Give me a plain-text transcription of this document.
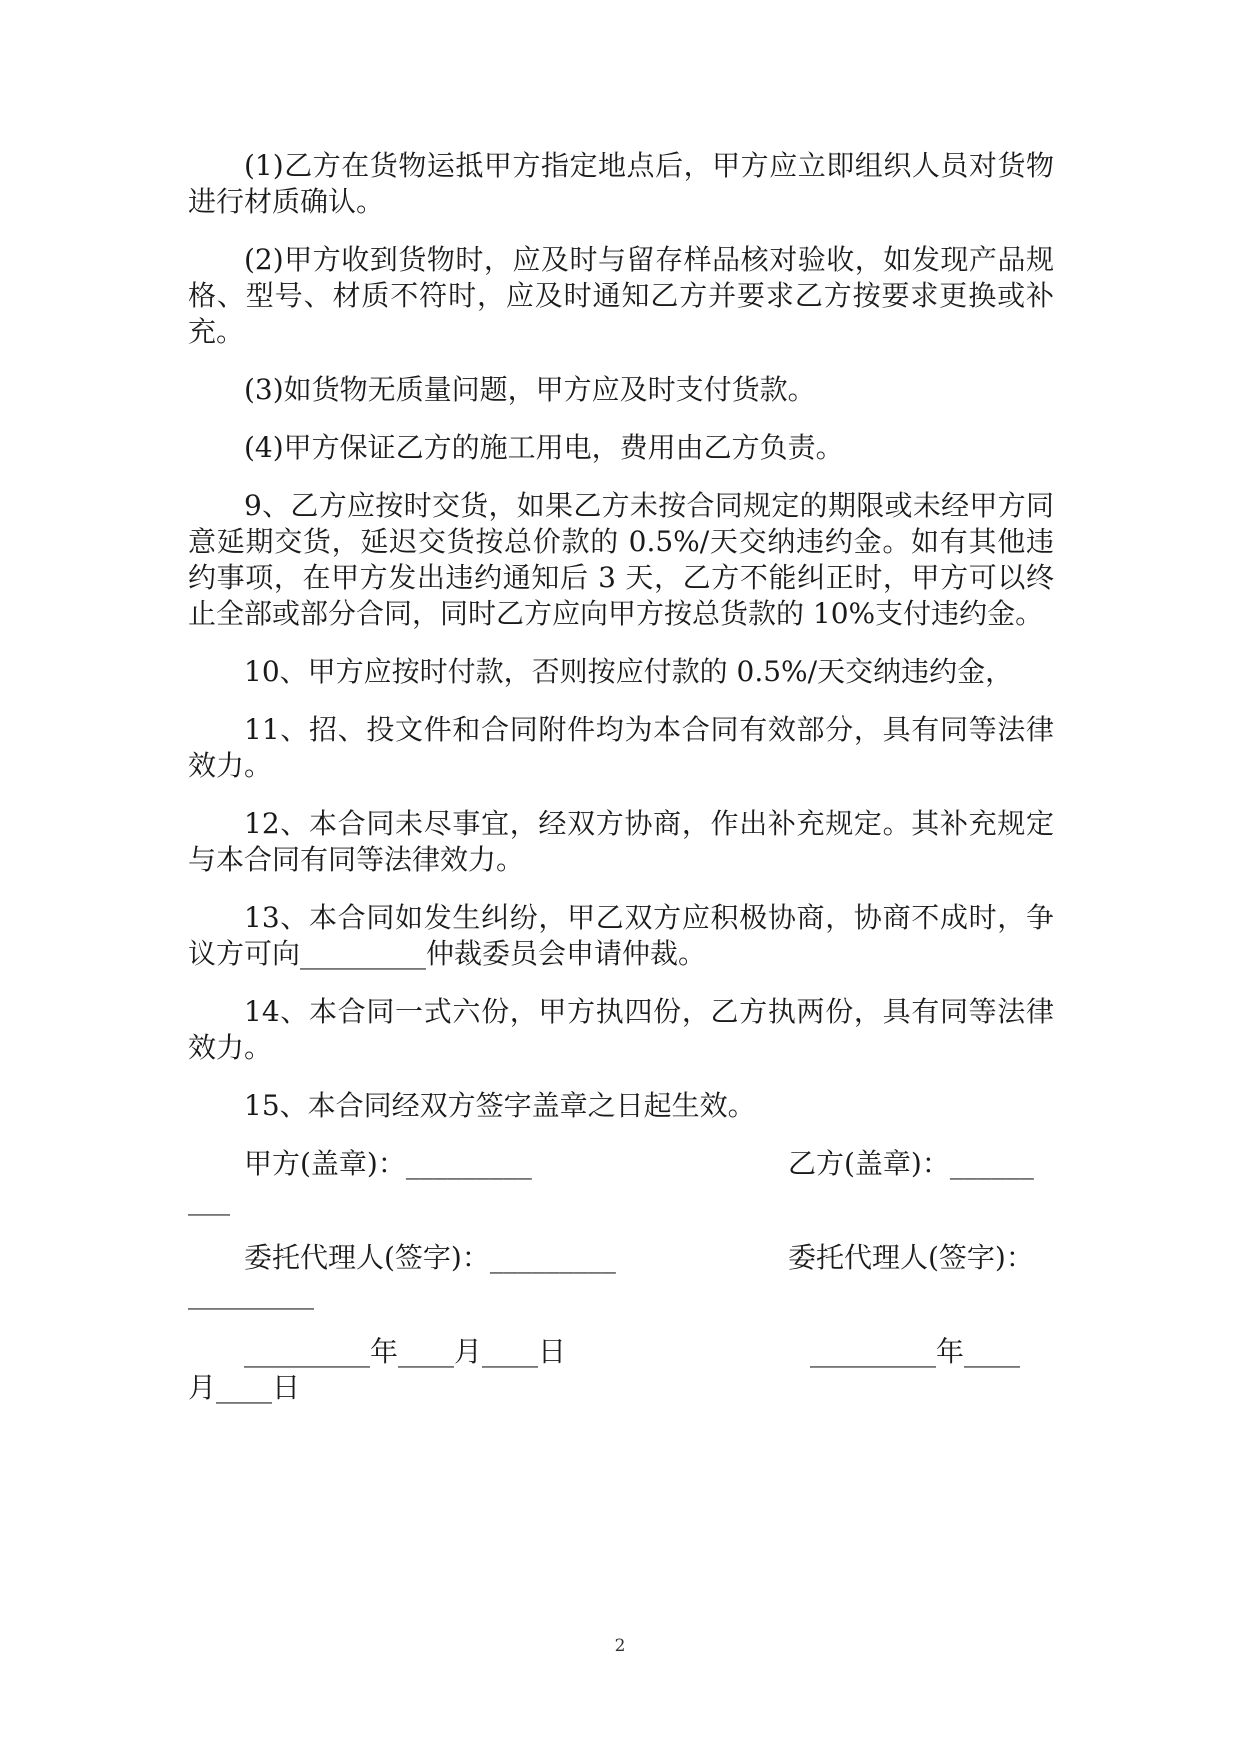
(1)乙方在货物运抵甲方指定地点后，甲方应立即组织人员对货物进行材质确认。

(2)甲方收到货物时，应及时与留存样品核对验收，如发现产品规格、型号、材质不符时，应及时通知乙方并要求乙方按要求更换或补充。

(3)如货物无质量问题，甲方应及时支付货款。

(4)甲方保证乙方的施工用电，费用由乙方负责。

9、乙方应按时交货，如果乙方未按合同规定的期限或未经甲方同意延期交货，延迟交货按总价款的 0.5%/天交纳违约金。如有其他违约事项，在甲方发出违约通知后 3 天，乙方不能纠正时，甲方可以终止全部或部分合同，同时乙方应向甲方按总货款的 10%支付违约金。

10、甲方应按时付款，否则按应付款的 0.5%/天交纳违约金，

11、招、投文件和合同附件均为本合同有效部分，具有同等法律效力。

12、本合同未尽事宜，经双方协商，作出补充规定。其补充规定与本合同有同等法律效力。

13、本合同如发生纠纷，甲乙双方应积极协商，协商不成时，争议方可向_________仲裁委员会申请仲裁。

14、本合同一式六份，甲方执四份，乙方执两份，具有同等法律效力。

15、本合同经双方签字盖章之日起生效。

甲方(盖章)：_________	乙方(盖章)：______
___
委托代理人(签字)：_________	委托代理人(签字)：
_________
_________年____月____日	_________年____
月____日
2
